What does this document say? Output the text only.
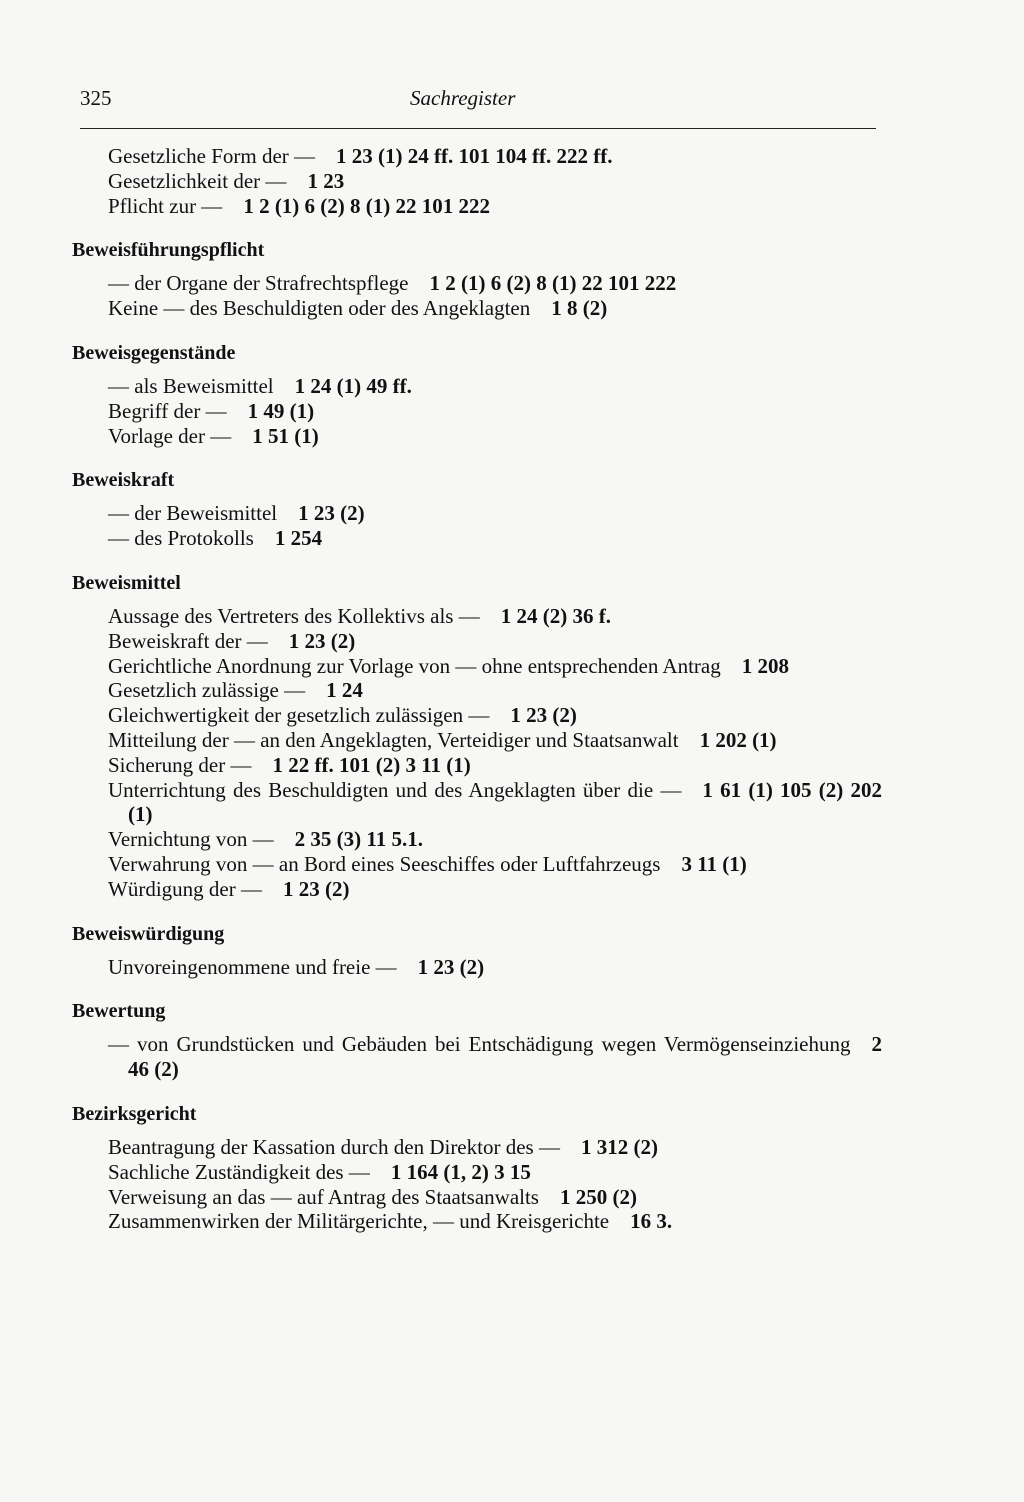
325	Sachregister
Gesetzliche Form der —  1 23 (1) 24 ff. 101 104 ff. 222 ff.
Gesetzlichkeit der —  1 23
Pflicht zur —  1 2 (1) 6 (2) 8 (1) 22 101 222
Beweisführungspflicht
— der Organe der Strafrechtspflege  1 2 (1) 6 (2) 8 (1) 22 101 222
Keine — des Beschuldigten oder des Angeklagten  1 8 (2)
Beweisgegenstände
— als Beweismittel  1 24 (1) 49 ff.
Begriff der —  1 49 (1)
Vorlage der —  1 51 (1)
Beweiskraft
— der Beweismittel  1 23 (2)
— des Protokolls  1 254
Beweismittel
Aussage des Vertreters des Kollektivs als —  1 24 (2) 36 f.
Beweiskraft der —  1 23 (2)
Gerichtliche Anordnung zur Vorlage von — ohne entsprechenden Antrag  1 208
Gesetzlich zulässige —  1 24
Gleichwertigkeit der gesetzlich zulässigen —  1 23 (2)
Mitteilung der — an den Angeklagten, Verteidiger und Staatsanwalt  1 202 (1)
Sicherung der —  1 22 ff. 101 (2) 3 11 (1)
Unterrichtung des Beschuldigten und des Angeklagten über die —  1 61 (1) 105 (2) 202 (1)
Vernichtung von —  2 35 (3) 11 5.1.
Verwahrung von — an Bord eines Seeschiffes oder Luftfahrzeugs  3 11 (1)
Würdigung der —  1 23 (2)
Beweiswürdigung
Unvoreingenommene und freie —  1 23 (2)
Bewertung
— von Grundstücken und Gebäuden bei Entschädigung wegen Vermögenseinziehung  2 46 (2)
Bezirksgericht
Beantragung der Kassation durch den Direktor des —  1 312 (2)
Sachliche Zuständigkeit des —  1 164 (1, 2) 3 15
Verweisung an das — auf Antrag des Staatsanwalts  1 250 (2)
Zusammenwirken der Militärgerichte, — und Kreisgerichte  16 3.
